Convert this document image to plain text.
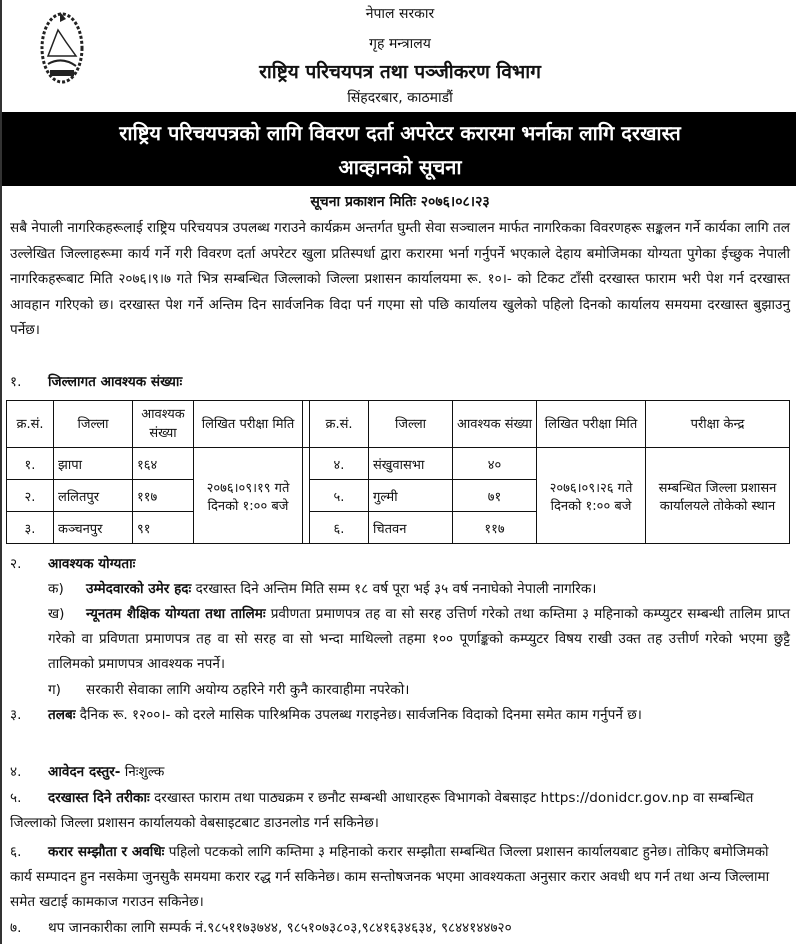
नेपाल सरकार
गृह मन्त्रालय
राष्ट्रिय परिचयपत्र तथा पञ्जीकरण विभाग
सिंहदरबार, काठमाडौं
राष्ट्रिय परिचयपत्रको लागि विवरण दर्ता अपरेटर करारमा भर्नाका लागि दरखास्त
आव्हानको सूचना
सूचना प्रकाशन मितिः २०७६।०८।२३
सबै नेपाली नागरिकहरूलाई राष्ट्रिय परिचयपत्र उपलब्ध गराउने कार्यक्रम अन्तर्गत घुम्ती सेवा सञ्चालन मार्फत नागरिकका विवरणहरू सङ्कलन गर्ने कार्यका लागि तल उल्लेखित जिल्लाहरूमा कार्य गर्ने गरी विवरण दर्ता अपरेटर खुला प्रतिस्पर्धा द्वारा करारमा भर्ना गर्नुपर्ने भएकाले देहाय बमोजिमका योग्यता पुगेका ईच्छुक नेपाली नागरिकहरूबाट मिति २०७६।९।७ गते भित्र सम्बन्धित जिल्लाको जिल्ला प्रशासन कार्यालयमा रू. १०।- को टिकट टाँसी दरखास्त फाराम भरी पेश गर्न दरखास्त आवहान गरिएको छ। दरखास्त पेश गर्ने अन्तिम दिन सार्वजनिक विदा पर्न गएमा सो पछि कार्यालय खुलेको पहिलो दिनको कार्यालय समयमा दरखास्त बुझाउनु पर्नेछ।
१. जिल्लागत आवश्यक संख्याः
क्र.सं.	जिल्ला	आवश्यक संख्या	लिखित परीक्षा मिति		क्र.सं.	जिल्ला	आवश्यक संख्या	लिखित परीक्षा मिति	परीक्षा केन्द्र
१.	झापा	१६४	२०७६।०९।१९ गते दिनको १:०० बजे		४.	संखुवासभा	४०	२०७६।०९।२६ गते दिनको १:०० बजे	सम्बन्धित जिल्ला प्रशासन कार्यालयले तोकेको स्थान
२.	ललितपुर	११७			५.	गुल्मी	७१		
३.	कञ्चनपुर	९१			६.	चितवन	११७		
२. आवश्यक योग्यताः
क) उम्मेदवारको उमेर हदः दरखास्त दिने अन्तिम मिति सम्म १८ वर्ष पूरा भई ३५ वर्ष ननाघेको नेपाली नागरिक।
ख) न्यूनतम शैक्षिक योग्यता तथा तालिमः प्रवीणता प्रमाणपत्र तह वा सो सरह उत्तिर्ण गरेको तथा कम्तिमा ३ महिनाको कम्प्युटर सम्बन्धी तालिम प्राप्त गरेको वा प्रविणता प्रमाणपत्र तह वा सो सरह वा सो भन्दा माथिल्लो तहमा १०० पूर्णाङ्कको कम्प्युटर विषय राखी उक्त तह उत्तीर्ण गरेको भएमा छुट्टै तालिमको प्रमाणपत्र आवश्यक नपर्ने।
ग) सरकारी सेवाका लागि अयोग्य ठहरिने गरी कुनै कारवाहीमा नपरेको।
३. तलबः दैनिक रू. १२००।- को दरले मासिक पारिश्रमिक उपलब्ध गराइनेछ। सार्वजनिक विदाको दिनमा समेत काम गर्नुपर्ने छ।
४. आवेदन दस्तुर- निःशुल्क
५. दरखास्त दिने तरीकाः दरखास्त फाराम तथा पाठ्यक्रम र छनौट सम्बन्धी आधारहरू विभागको वेबसाइट https://donidcr.gov.np वा सम्बन्धित जिल्लाको जिल्ला प्रशासन कार्यालयको वेबसाइटबाट डाउनलोड गर्न सकिनेछ।
६. करार सम्झौता र अवधिः पहिलो पटकको लागि कम्तिमा ३ महिनाको करार सम्झौता सम्बन्धित जिल्ला प्रशासन कार्यालयबाट हुनेछ। तोकिए बमोजिमको कार्य सम्पादन हुन नसकेमा जुनसुकै समयमा करार रद्ध गर्न सकिनेछ। काम सन्तोषजनक भएमा आवश्यकता अनुसार करार अवधी थप गर्न तथा अन्य जिल्लामा समेत खटाई कामकाज गराउन सकिनेछ।
७. थप जानकारीका लागि सम्पर्क नं.९८५११७३७४४, ९८५१०७३८०३,९८४१६३४६३४, ९८४४१४४७२०
